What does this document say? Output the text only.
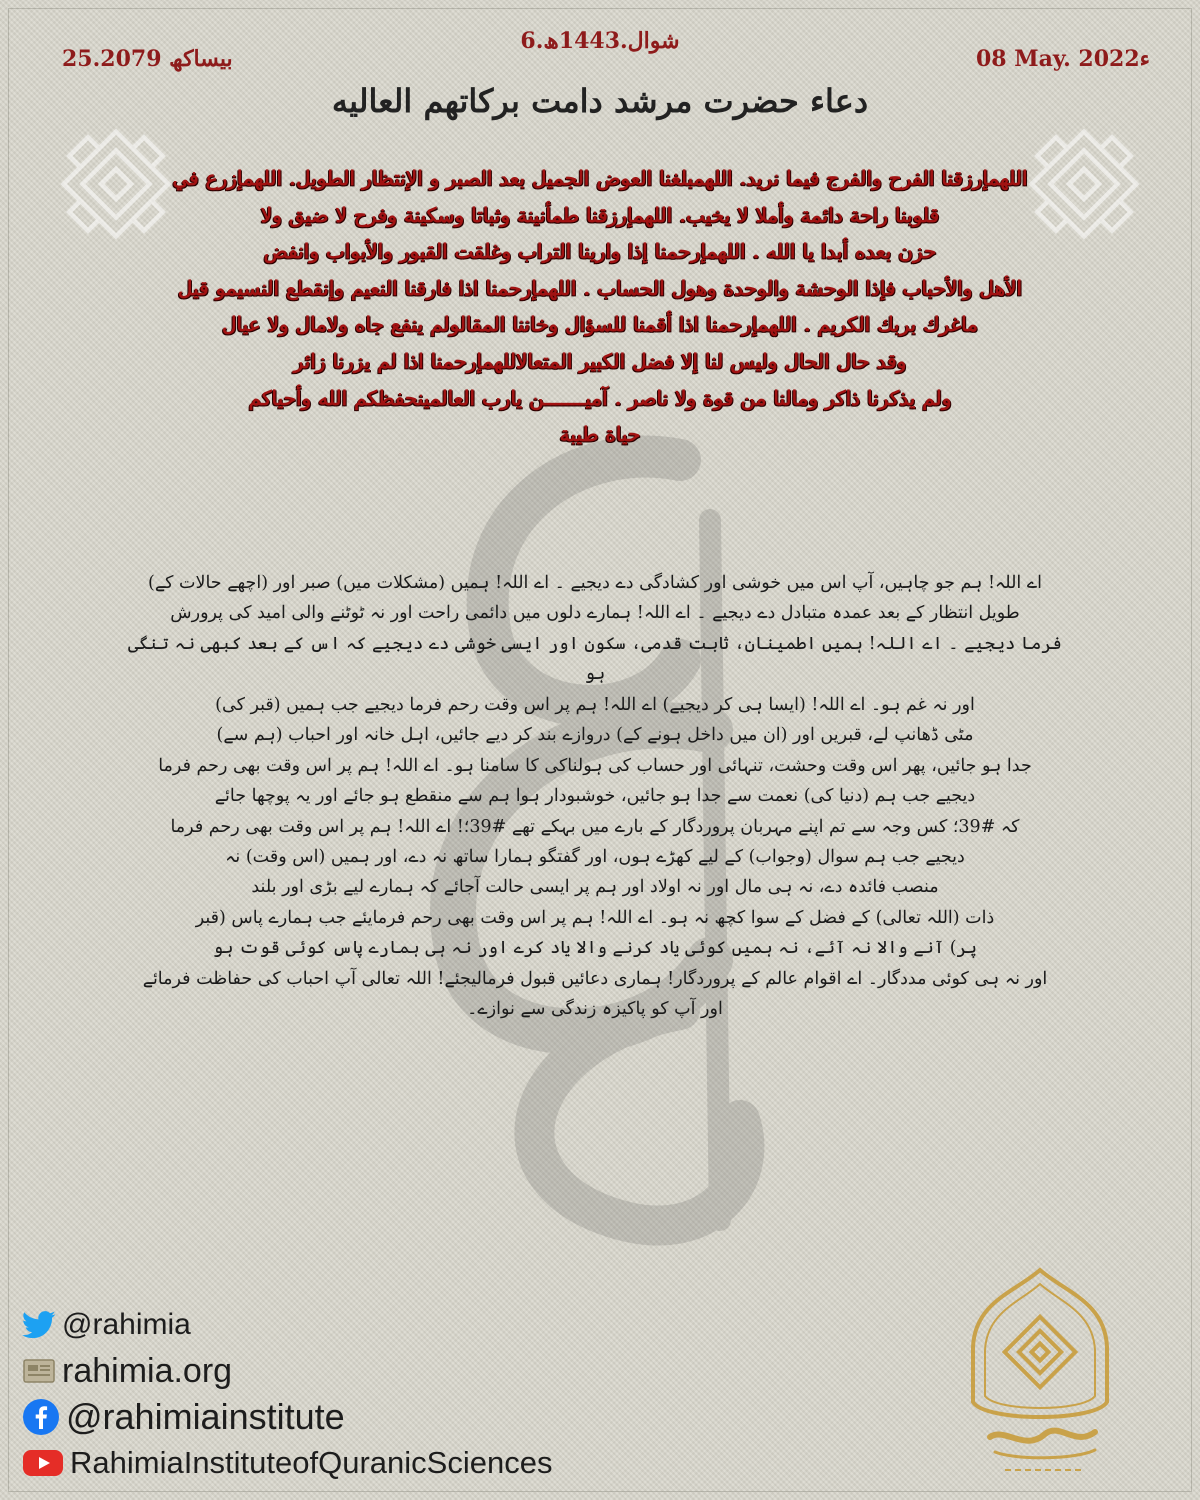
6.شوال.1443ھ
08 May. 2022ء
25.بیساکھ 2079
دعاء حضرت مرشد دامت برکاتهم العاليه
اللهمإرزقنا الفرح والفرج فيما نريد. اللهمبلغنا العوض الجميل بعد الصبر و الإنتظار الطويل. اللهمإزرع في
قلوبنا راحة دائمة وأملا لا يخيب. اللهمإرزقنا طمأنينة وثباتا وسكينة وفرح لا ضيق ولا
حزن بعده أبدا يا الله . اللهمإرحمنا إذا وارينا التراب وغلقت القبور والأبواب وانفض
الأهل والأحباب فإذا الوحشة والوحدة وهول الحساب . اللهمإرحمنا اذا فارقنا النعيم وإنقطع النسيمو قيل
ماغرك بربك الكريم . اللهمإرحمنا اذا أقمنا للسؤال وخاننا المقالولم ينفع جاه ولامال ولا عيال
وقد حال الحال وليس لنا إلا فضل الكبير المتعالاللهمإرحمنا اذا لم يزرنا زائر
ولم يذكرنا ذاكر ومالنا من قوة ولا ناصر . آميـــــــن يارب العالمينحفظكم الله وأحياكم
حياة طيبة
اے اللہ! ہم جو چاہیں، آپ اس میں خوشی اور کشادگی دے دیجیے ۔ اے اللہ! ہمیں (مشکلات میں) صبر اور (اچھے حالات کے)
طویل انتظار کے بعد عمدہ متبادل دے دیجیے ۔ اے اللہ! ہمارے دلوں میں دائمی راحت اور نہ ٹوٹنے والی امید کی پرورش
فرما دیجیے ۔ اے اللہ! ہمیں اطمینان، ثابت قدمی، سکون اور ایسی خوشی دے دیجیے کہ اس کے بعد کبھی نہ تنگی ہو
اور نہ غم ہو۔ اے اللہ! (ایسا ہی کر دیجیے) اے اللہ! ہم پر اس وقت رحم فرما دیجیے جب ہمیں (قبر کی)
مٹی ڈھانپ لے، قبریں اور (ان میں داخل ہونے کے) دروازے بند کر دیے جائیں، اہل خانہ اور احباب (ہم سے)
جدا ہو جائیں، پھر اس وقت وحشت، تنہائی اور حساب کی ہولناکی کا سامنا ہو۔ اے اللہ! ہم پر اس وقت بھی رحم فرما
دیجیے جب ہم (دنیا کی) نعمت سے جدا ہو جائیں، خوشبودار ہوا ہم سے منقطع ہو جائے اور یہ پوچھا جائے
کہ #39؛ کس وجہ سے تم اپنے مہربان پروردگار کے بارے میں بہکے تھے #39؛! اے اللہ! ہم پر اس وقت بھی رحم فرما
دیجیے جب ہم سوال (وجواب) کے لیے کھڑے ہوں، اور گفتگو ہمارا ساتھ نہ دے، اور ہمیں (اس وقت) نہ
منصب فائدہ دے، نہ ہی مال اور نہ اولاد اور ہم پر ایسی حالت آجائے کہ ہمارے لیے بڑی اور بلند
ذات (اللہ تعالی) کے فضل کے سوا کچھ نہ ہو۔ اے اللہ! ہم پر اس وقت بھی رحم فرمایئے جب ہمارے پاس (قبر
پر) آنے والا نہ آئے، نہ ہمیں کوئی یاد کرنے والا یاد کرے اور نہ ہی ہمارے پاس کوئی قوت ہو
اور نہ ہی کوئی مددگار۔ اے اقوام عالم کے پروردگار! ہماری دعائیں قبول فرمالیجئے! اللہ تعالی آپ احباب کی حفاظت فرمائے
اور آپ کو پاکیزہ زندگی سے نوازے۔
@rahimia
rahimia.org
@rahimiainstitute
RahimiaInstituteofQuranicSciences
